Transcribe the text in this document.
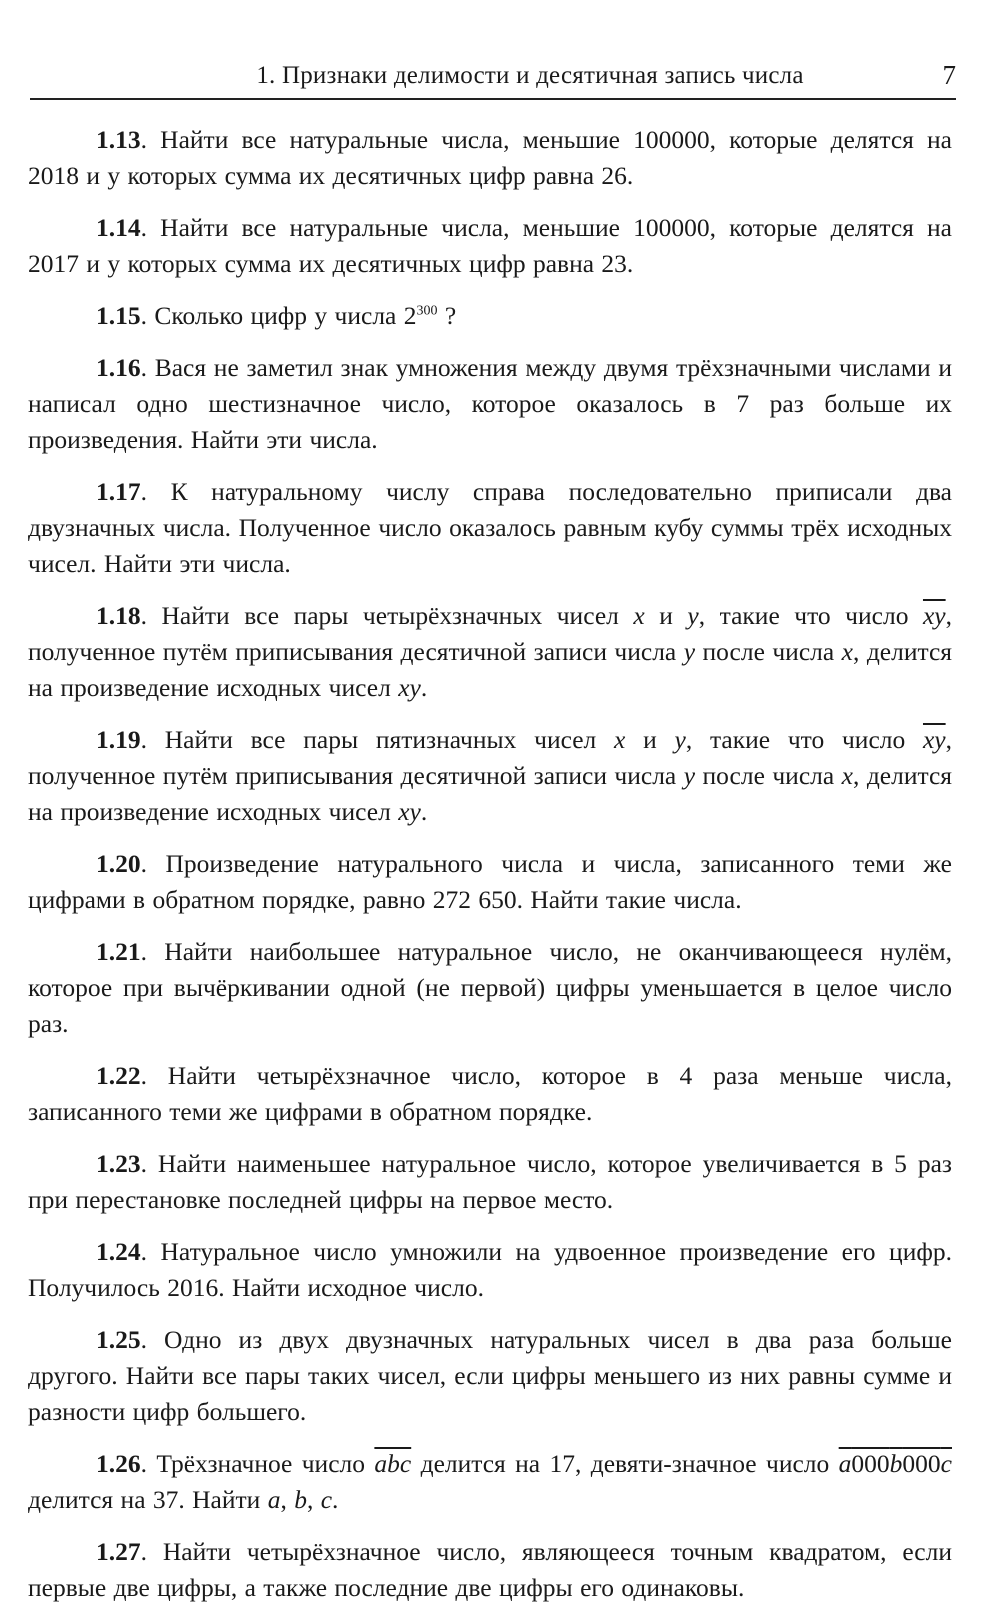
1. Признаки делимости и десятичная запись числа	7

1.13. Найти все натуральные числа, меньшие 100000, которые делятся на 2018 и у которых сумма их десятичных цифр равна 26.

1.14. Найти все натуральные числа, меньшие 100000, которые делятся на 2017 и у которых сумма их десятичных цифр равна 23.

1.15. Сколько цифр у числа $2^{300}$ ?

1.16. Вася не заметил знак умножения между двумя трёхзначными числами и написал одно шестизначное число, которое оказалось в 7 раз больше их произведения. Найти эти числа.

1.17. К натуральному числу справа последовательно приписали два двузначных числа. Полученное число оказалось равным кубу суммы трёх исходных чисел. Найти эти числа.

1.18. Найти все пары четырёхзначных чисел x и y, такие что число $\overline{xy}$, полученное путём приписывания десятичной записи числа y после числа x, делится на произведение исходных чисел xy.

1.19. Найти все пары пятизначных чисел x и y, такие что число $\overline{xy}$, полученное путём приписывания десятичной записи числа y после числа x, делится на произведение исходных чисел xy.

1.20. Произведение натурального числа и числа, записанного теми же цифрами в обратном порядке, равно 272 650. Найти такие числа.

1.21. Найти наибольшее натуральное число, не оканчивающееся нулём, которое при вычёркивании одной (не первой) цифры уменьшается в целое число раз.

1.22. Найти четырёхзначное число, которое в 4 раза меньше числа, записанного теми же цифрами в обратном порядке.

1.23. Найти наименьшее натуральное число, которое увеличивается в 5 раз при перестановке последней цифры на первое место.

1.24. Натуральное число умножили на удвоенное произведение его цифр. Получилось 2016. Найти исходное число.

1.25. Одно из двух двузначных натуральных чисел в два раза больше другого. Найти все пары таких чисел, если цифры меньшего из них равны сумме и разности цифр большего.

1.26. Трёхзначное число $\overline{abc}$ делится на 17, девяти-значное число a000b000c делится на 37. Найти a, b, c.

1.27. Найти четырёхзначное число, являющееся точным квадратом, если первые две цифры, а также последние две цифры его одинаковы.
